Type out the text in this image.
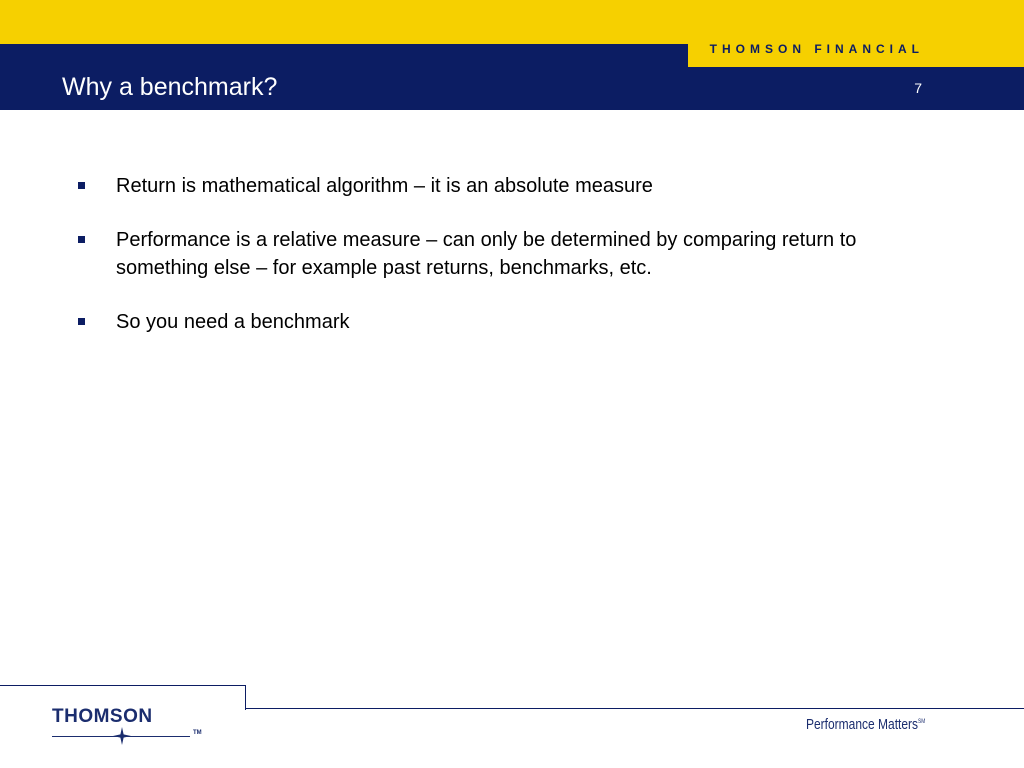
THOMSON FINANCIAL
Why a benchmark?	7
Return is mathematical algorithm – it is an absolute measure
Performance is a relative measure – can only be determined by comparing return to something else – for example past returns, benchmarks, etc.
So you need a benchmark
THOMSON
TM	Performance Matters℠
